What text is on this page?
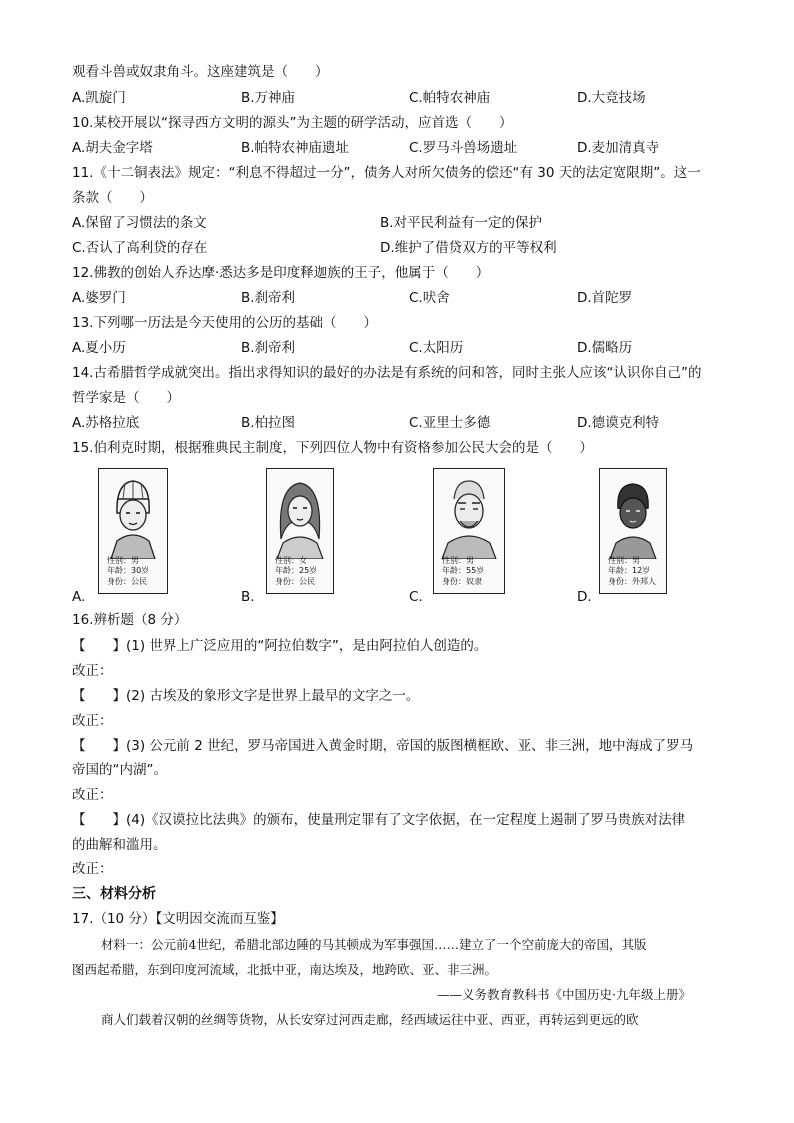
观看斗兽或奴隶角斗。这座建筑是（　　）
A.凯旋门	B.万神庙	C.帕特农神庙	D.大竞技场
10.某校开展以“探寻西方文明的源头”为主题的研学活动，应首选（　　）
A.胡夫金字塔	B.帕特农神庙遗址	C.罗马斗兽场遗址	D.麦加清真寺
11.《十二铜表法》规定：“利息不得超过一分”，债务人对所欠债务的偿还“有 30 天的法定宽限期”。这一
条款（　　）
A.保留了习惯法的条文	B.对平民利益有一定的保护
C.否认了高利贷的存在	D.维护了借贷双方的平等权利
12.佛教的创始人乔达摩·悉达多是印度释迦族的王子，他属于（　　）
A.婆罗门	B.刹帝利	C.吠舍	D.首陀罗
13.下列哪一历法是今天使用的公历的基础（　　）
A.夏小历	B.刹帝利	C.太阳历	D.儒略历
14.古希腊哲学成就突出。指出求得知识的最好的办法是有系统的问和答，同时主张人应该“认识你自己”的
哲学家是（　　）
A.苏格拉底	B.柏拉图	C.亚里士多德	D.德谟克利特
15.伯利克时期，根据雅典民主制度，下列四位人物中有资格参加公民大会的是（　　）
A.
性别：男
年龄：30岁
身份：公民
B.
性别：女
年龄：25岁
身份：公民
C.
性别：男
年龄：55岁
身份：奴隶
D.
性别：男
年龄：12岁
身份：外邦人
16.辨析题（8 分）
【　　】(1) 世界上广泛应用的“阿拉伯数字”，是由阿拉伯人创造的。
改正：
【　　】(2) 古埃及的象形文字是世界上最早的文字之一。
改正：
【　　】(3) 公元前 2 世纪，罗马帝国进入黄金时期，帝国的版图横框欧、亚、非三洲，地中海成了罗马
帝国的“内湖”。
改正：
【　　】(4)《汉谟拉比法典》的颁布，使量刑定罪有了文字依据，在一定程度上遏制了罗马贵族对法律
的曲解和滥用。
改正：
三、材料分析
17.（10 分）【文明因交流而互鉴】
材料一：公元前4世纪，希腊北部边陲的马其顿成为军事强国……建立了一个空前庞大的帝国，其版
图西起希腊，东到印度河流域，北抵中亚，南达埃及，地跨欧、亚、非三洲。
——义务教育教科书《中国历史·九年级上册》
商人们载着汉朝的丝绸等货物，从长安穿过河西走廊，经西域运往中亚、西亚，再转运到更远的欧
